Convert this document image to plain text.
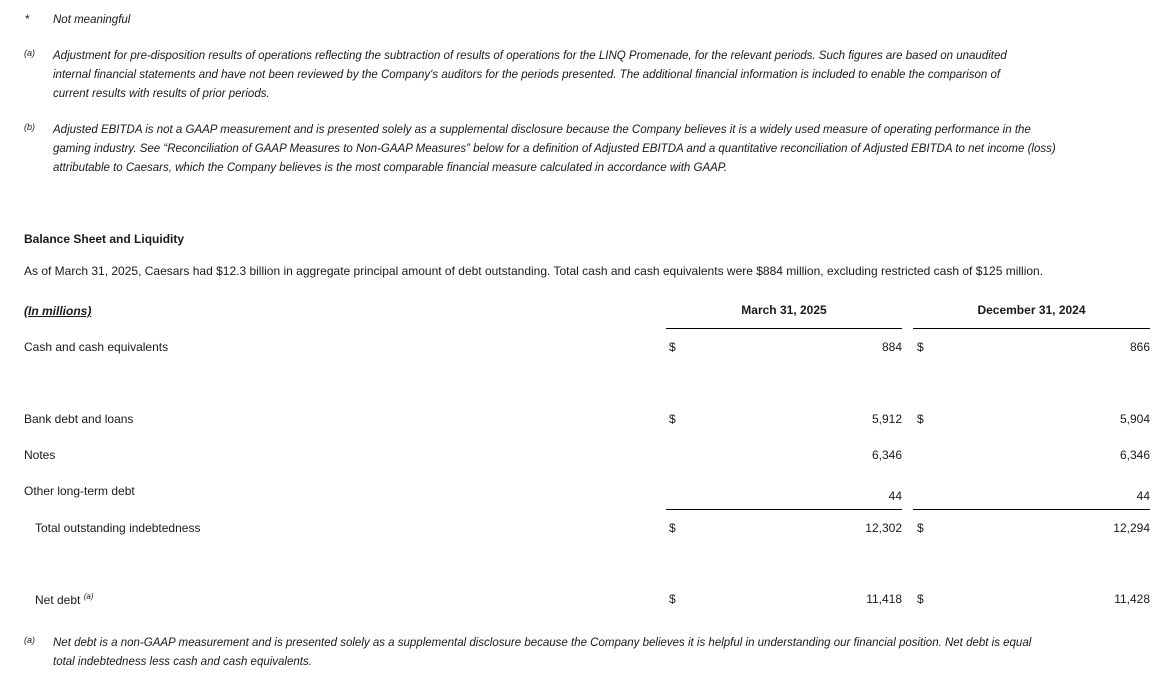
* Not meaningful
(a) Adjustment for pre-disposition results of operations reflecting the subtraction of results of operations for the LINQ Promenade, for the relevant periods. Such figures are based on unaudited
internal financial statements and have not been reviewed by the Company's auditors for the periods presented. The additional financial information is included to enable the comparison of
current results with results of prior periods.
(b) Adjusted EBITDA is not a GAAP measurement and is presented solely as a supplemental disclosure because the Company believes it is a widely used measure of operating performance in the
gaming industry. See “Reconciliation of GAAP Measures to Non-GAAP Measures” below for a definition of Adjusted EBITDA and a quantitative reconciliation of Adjusted EBITDA to net income (loss)
attributable to Caesars, which the Company believes is the most comparable financial measure calculated in accordance with GAAP.
Balance Sheet and Liquidity
As of March 31, 2025, Caesars had $12.3 billion in aggregate principal amount of debt outstanding. Total cash and cash equivalents were $884 million, excluding restricted cash of $125 million.
(In millions)	March 31, 2025	December 31, 2024
Cash and cash equivalents	$	884 $	866
Bank debt and loans	$	5,912 $	5,904
Notes	6,346	6,346
Other long-term debt	44	44
Total outstanding indebtedness	$	12,302 $	12,294
Net debt $^{(a)}$	$	11,418 $	11,428
(a) Net debt is a non-GAAP measurement and is presented solely as a supplemental disclosure because the Company believes it is helpful in understanding our financial position. Net debt is equal
total indebtedness less cash and cash equivalents.
